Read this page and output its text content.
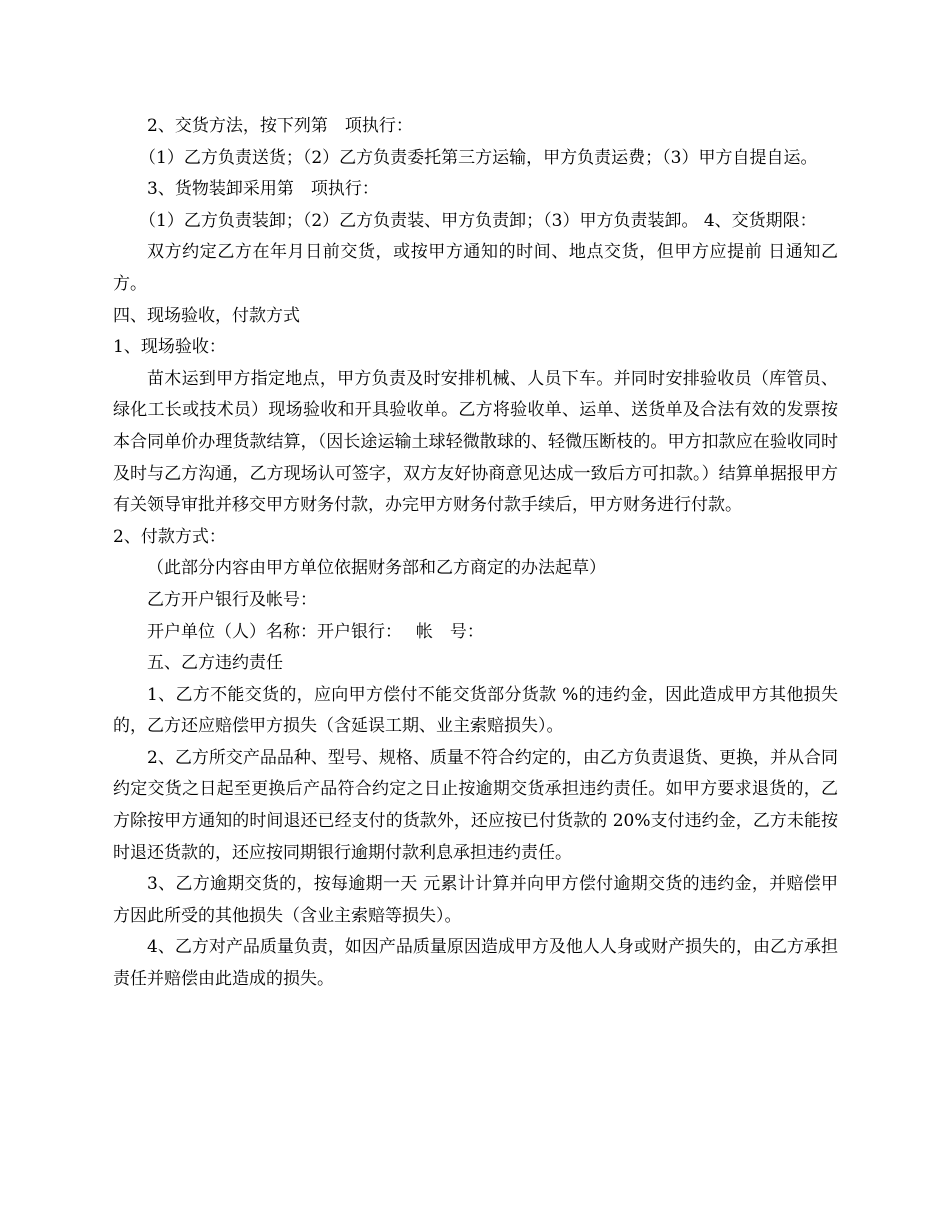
2、交货方法，按下列第　项执行：

（1）乙方负责送货；（2）乙方负责委托第三方运输，甲方负责运费；（3）甲方自提自运。

3、货物装卸采用第　项执行：

（1）乙方负责装卸；（2）乙方负责装、甲方负责卸；（3）甲方负责装卸。 4、交货期限：

双方约定乙方在年月日前交货，或按甲方通知的时间、地点交货，但甲方应提前 日通知乙方。

四、现场验收，付款方式

1、现场验收：

苗木运到甲方指定地点，甲方负责及时安排机械、人员下车。并同时安排验收员（库管员、绿化工长或技术员）现场验收和开具验收单。乙方将验收单、运单、送货单及合法有效的发票按本合同单价办理货款结算，（因长途运输土球轻微散球的、轻微压断枝的。甲方扣款应在验收同时及时与乙方沟通，乙方现场认可签字，双方友好协商意见达成一致后方可扣款。）结算单据报甲方有关领导审批并移交甲方财务付款，办完甲方财务付款手续后，甲方财务进行付款。

2、付款方式：

（此部分内容由甲方单位依据财务部和乙方商定的办法起草）

乙方开户银行及帐号：

开户单位（人）名称：开户银行：　 帐　号：

五、乙方违约责任

1、乙方不能交货的，应向甲方偿付不能交货部分货款 %的违约金，因此造成甲方其他损失的，乙方还应赔偿甲方损失（含延误工期、业主索赔损失）。

2、乙方所交产品品种、型号、规格、质量不符合约定的，由乙方负责退货、更换，并从合同约定交货之日起至更换后产品符合约定之日止按逾期交货承担违约责任。如甲方要求退货的，乙方除按甲方通知的时间退还已经支付的货款外，还应按已付货款的 20%支付违约金，乙方未能按时退还货款的，还应按同期银行逾期付款利息承担违约责任。

3、乙方逾期交货的，按每逾期一天 元累计计算并向甲方偿付逾期交货的违约金，并赔偿甲方因此所受的其他损失（含业主索赔等损失）。

4、乙方对产品质量负责，如因产品质量原因造成甲方及他人人身或财产损失的，由乙方承担责任并赔偿由此造成的损失。
